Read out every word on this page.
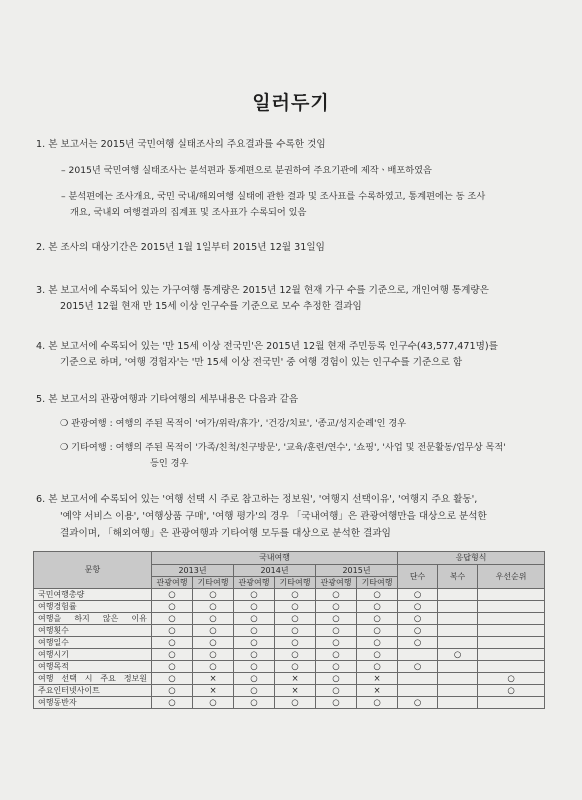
일러두기
1. 본 보고서는 2015년 국민여행 실태조사의 주요결과를 수록한 것임
– 2015년 국민여행 실태조사는 분석편과 통계편으로 분권하여 주요기관에 제작ㆍ배포하였음
– 분석편에는 조사개요, 국민 국내/해외여행 실태에 관한 결과 및 조사표를 수록하였고, 통계편에는 동 조사
개요, 국내외 여행결과의 집계표 및 조사표가 수록되어 있음
2. 본 조사의 대상기간은 2015년 1월 1일부터 2015년 12월 31일임
3. 본 보고서에 수록되어 있는 가구여행 통계량은 2015년 12월 현재 가구 수를 기준으로, 개인여행 통계량은
2015년 12월 현재 만 15세 이상 인구수를 기준으로 모수 추정한 결과임
4. 본 보고서에 수록되어 있는 '만 15세 이상 전국민'은 2015년 12월 현재 주민등록 인구수(43,577,471명)를
기준으로 하며, '여행 경험자'는 '만 15세 이상 전국민' 중 여행 경험이 있는 인구수를 기준으로 함
5. 본 보고서의 관광여행과 기타여행의 세부내용은 다음과 같음
❍ 관광여행 : 여행의 주된 목적이 '여가/위락/휴가', '건강/치료', '종교/성지순례'인 경우
❍ 기타여행 : 여행의 주된 목적이 '가족/친척/친구방문', '교육/훈련/연수', '쇼핑', '사업 및 전문활동/업무상 목적'
등인 경우
6. 본 보고서에 수록되어 있는 '여행 선택 시 주로 참고하는 정보원', '여행지 선택이유', '여행지 주요 활동',
'예약 서비스 이용', '여행상품 구매', '여행 평가'의 경우 「국내여행」은 관광여행만을 대상으로 분석한
결과이며, 「해외여행」은 관광여행과 기타여행 모두를 대상으로 분석한 결과임
문항	국내여행						응답형식		
	2013년		2014년		2015년		단수	복수	우선순위
	관광여행	기타여행	관광여행	기타여행	관광여행	기타여행			
국민여행총량	○	○	○	○	○	○	○		
여행경험률	○	○	○	○	○	○	○		
여행을 하지 않은 이유	○	○	○	○	○	○	○		
여행횟수	○	○	○	○	○	○	○		
여행일수	○	○	○	○	○	○	○		
여행시기	○	○	○	○	○	○		○	
여행목적	○	○	○	○	○	○	○		
여행 선택 시 주요 정보원	○	×	○	×	○	×			○
주요인터넷사이트	○	×	○	×	○	×			○
여행동반자	○	○	○	○	○	○	○		
